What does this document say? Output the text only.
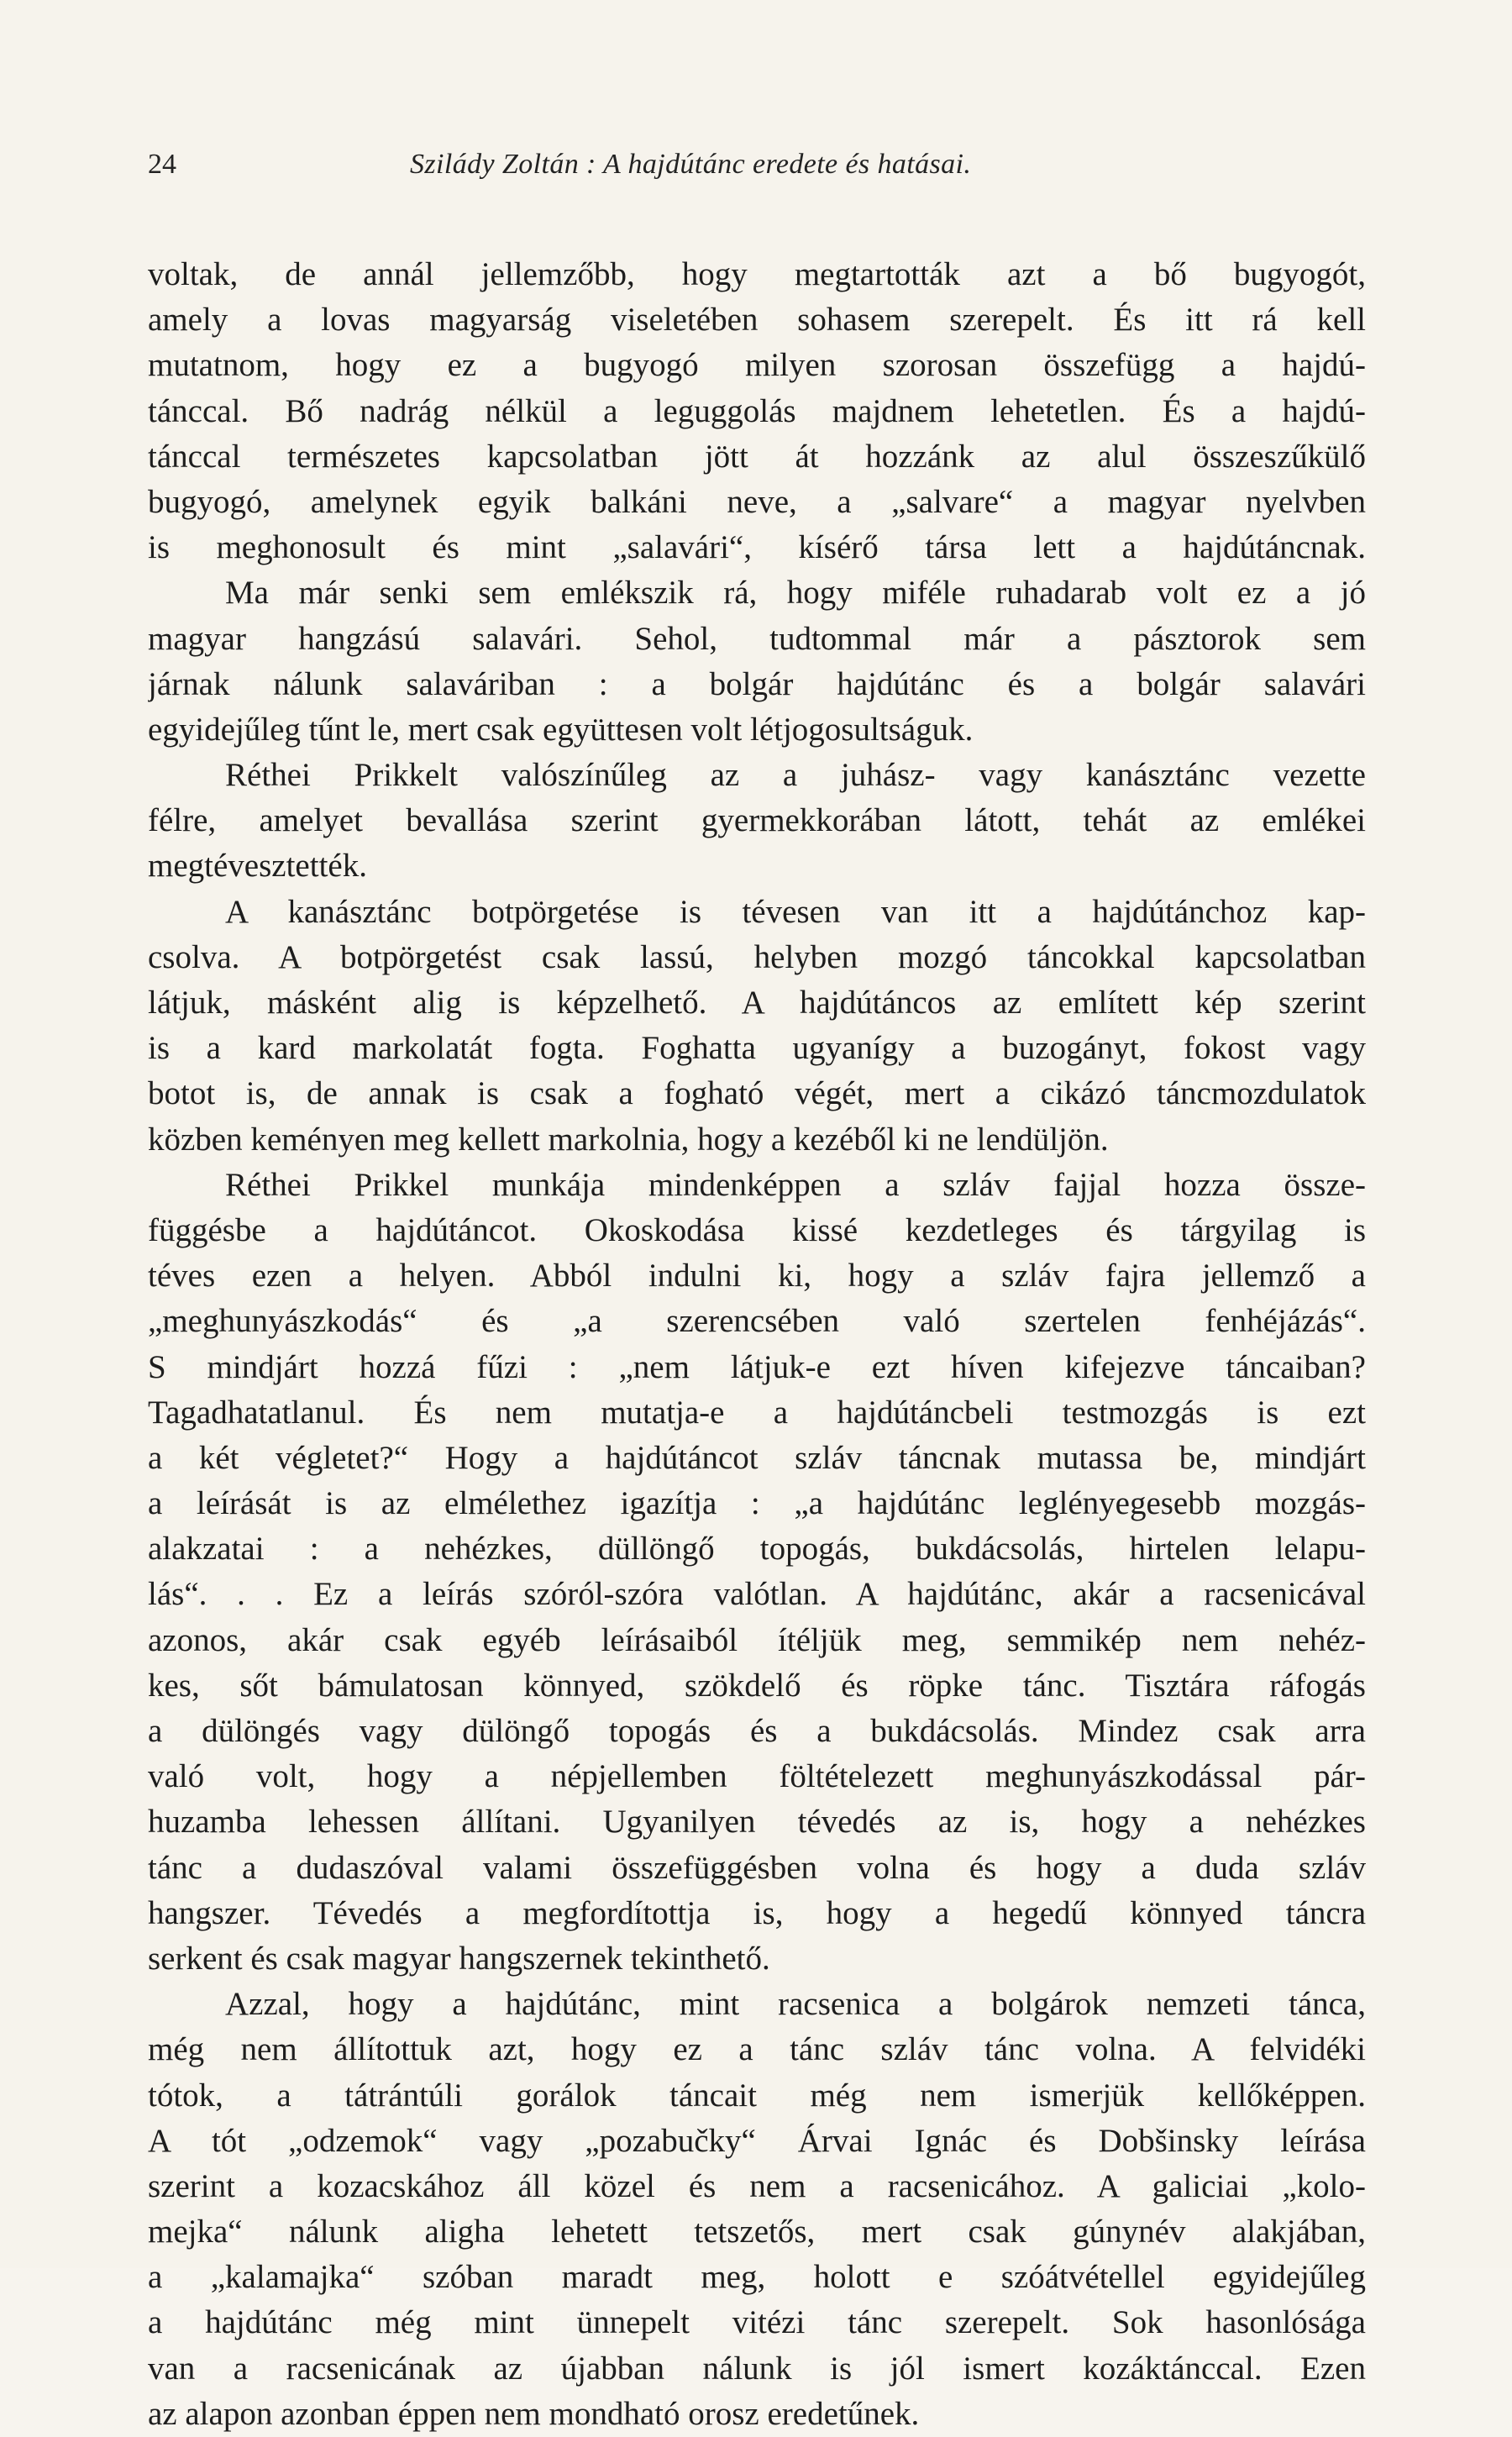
24	Szilády Zoltán : A hajdútánc eredete és hatásai.
voltak, de annál jellemzőbb, hogy megtartották azt a bő bugyogót,
amely a lovas magyarság viseletében sohasem szerepelt. És itt rá kell
mutatnom, hogy ez a bugyogó milyen szorosan összefügg a hajdú-
tánccal. Bő nadrág nélkül a leguggolás majdnem lehetetlen. És a hajdú-
tánccal természetes kapcsolatban jött át hozzánk az alul összeszűkülő
bugyogó, amelynek egyik balkáni neve, a „salvare“ a magyar nyelvben
is meghonosult és mint „salavári“, kísérő társa lett a hajdútáncnak.
Ma már senki sem emlékszik rá, hogy miféle ruhadarab volt ez a jó
magyar hangzású salavári. Sehol, tudtommal már a pásztorok sem
járnak nálunk salaváriban : a bolgár hajdútánc és a bolgár salavári
egyidejűleg tűnt le, mert csak együttesen volt létjogosultságuk.
Réthei Prikkelt valószínűleg az a juhász- vagy kanásztánc vezette
félre, amelyet bevallása szerint gyermekkorában látott, tehát az emlékei
megtévesztették.
A kanásztánc botpörgetése is tévesen van itt a hajdútánchoz kap-
csolva. A botpörgetést csak lassú, helyben mozgó táncokkal kapcsolatban
látjuk, másként alig is képzelhető. A hajdútáncos az említett kép szerint
is a kard markolatát fogta. Foghatta ugyanígy a buzogányt, fokost vagy
botot is, de annak is csak a fogható végét, mert a cikázó táncmozdulatok
közben keményen meg kellett markolnia, hogy a kezéből ki ne lendüljön.
Réthei Prikkel munkája mindenképpen a szláv fajjal hozza össze-
függésbe a hajdútáncot. Okoskodása kissé kezdetleges és tárgyilag is
téves ezen a helyen. Abból indulni ki, hogy a szláv fajra jellemző a
„meghunyászkodás“ és „a szerencsében való szertelen fenhéjázás“.
S mindjárt hozzá fűzi : „nem látjuk-e ezt híven kifejezve táncaiban?
Tagadhatatlanul. És nem mutatja-e a hajdútáncbeli testmozgás is ezt
a két végletet?“ Hogy a hajdútáncot szláv táncnak mutassa be, mindjárt
a leírását is az elmélethez igazítja : „a hajdútánc leglényegesebb mozgás-
alakzatai : a nehézkes, düllöngő topogás, bukdácsolás, hirtelen lelapu-
lás“. . . Ez a leírás szóról-szóra valótlan. A hajdútánc, akár a racsenicával
azonos, akár csak egyéb leírásaiból ítéljük meg, semmikép nem nehéz-
kes, sőt bámulatosan könnyed, szökdelő és röpke tánc. Tisztára ráfogás
a dülöngés vagy dülöngő topogás és a bukdácsolás. Mindez csak arra
való volt, hogy a népjellemben föltételezett meghunyászkodással pár-
huzamba lehessen állítani. Ugyanilyen tévedés az is, hogy a nehézkes
tánc a dudaszóval valami összefüggésben volna és hogy a duda szláv
hangszer. Tévedés a megfordítottja is, hogy a hegedű könnyed táncra
serkent és csak magyar hangszernek tekinthető.
Azzal, hogy a hajdútánc, mint racsenica a bolgárok nemzeti tánca,
még nem állítottuk azt, hogy ez a tánc szláv tánc volna. A felvidéki
tótok, a tátrántúli gorálok táncait még nem ismerjük kellőképpen.
A tót „odzemok“ vagy „pozabučky“ Árvai Ignác és Dobšinsky leírása
szerint a kozacskához áll közel és nem a racsenicához. A galiciai „kolo-
mejka“ nálunk aligha lehetett tetszetős, mert csak gúnynév alakjában,
a „kalamajka“ szóban maradt meg, holott e szóátvétellel egyidejűleg
a hajdútánc még mint ünnepelt vitézi tánc szerepelt. Sok hasonlósága
van a racsenicának az újabban nálunk is jól ismert kozáktánccal. Ezen
az alapon azonban éppen nem mondható orosz eredetűnek.
